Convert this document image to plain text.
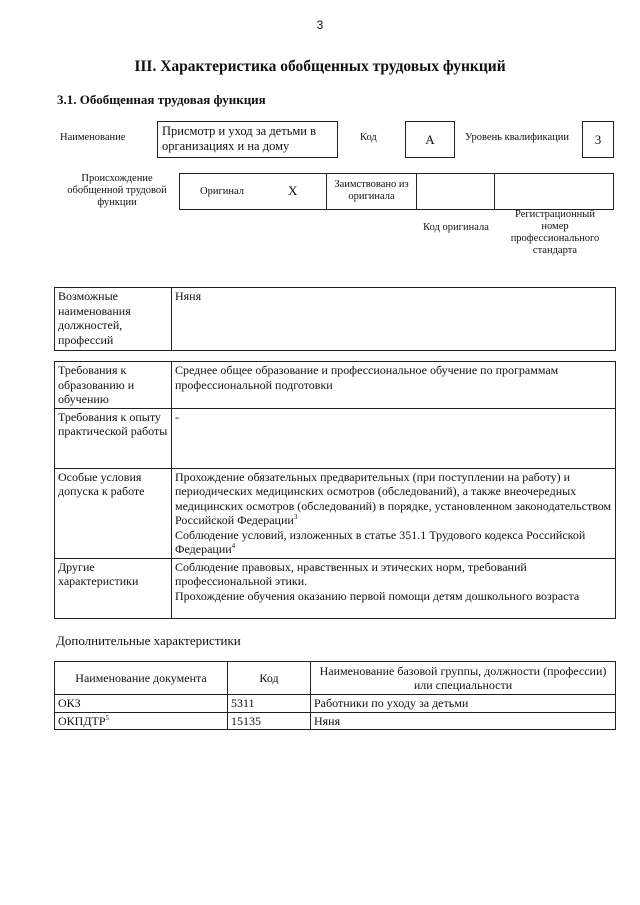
3
III. Характеристика обобщенных трудовых функций
3.1. Обобщенная трудовая функция
Наименование	Присмотр и уход за детьми в организациях и на дому
Код	А	Уровень квалификации	3
Происхождение обобщенной трудовой функции
Оригинал	X	Заимствовано из оригинала
Код оригинала
Регистрационный номер профессионального стандарта
Возможные наименования должностей, профессий	Няня
Требования к образованию и обучению	Среднее общее образование и профессиональное обучение по программам профессиональной подготовки
Требования к опыту практической работы	-
Особые условия допуска к работе	Прохождение обязательных предварительных (при поступлении на работу) и периодических медицинских осмотров (обследований), а также внеочередных медицинских осмотров (обследований) в порядке, установленном законодательством Российской Федерации$^3$
Соблюдение условий, изложенных в статье 351.1 Трудового кодекса Российской Федерации$^4$
Другие характеристики	Соблюдение правовых, нравственных и этических норм, требований профессиональной этики.
Прохождение обучения оказанию первой помощи детям дошкольного возраста
Дополнительные характеристики
Наименование документа	Код	Наименование базовой группы, должности (профессии) или специальности
ОКЗ	5311	Работники по уходу за детьми
ОКПДТР$^5$	15135	Няня
